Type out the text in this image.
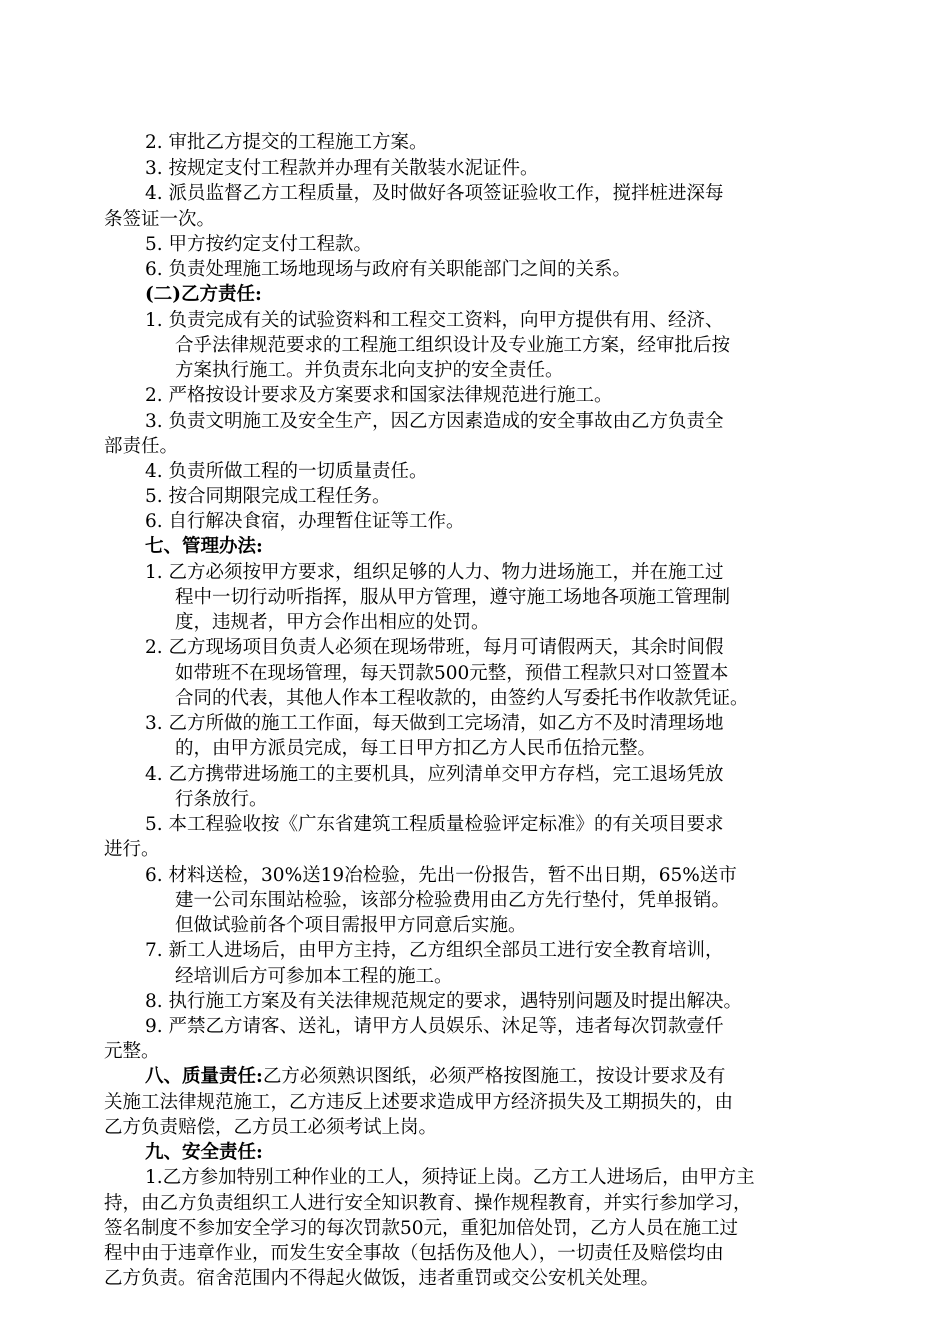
2. 审批乙方提交的工程施工方案。
3. 按规定支付工程款并办理有关散装水泥证件。
4. 派员监督乙方工程质量，及时做好各项签证验收工作，搅拌桩进深每
条签证一次。
5. 甲方按约定支付工程款。
6. 负责处理施工场地现场与政府有关职能部门之间的关系。
(二)乙方责任:
1. 负责完成有关的试验资料和工程交工资料，向甲方提供有用、经济、
合乎法律规范要求的工程施工组织设计及专业施工方案，经审批后按
方案执行施工。并负责东北向支护的安全责任。
2. 严格按设计要求及方案要求和国家法律规范进行施工。
3. 负责文明施工及安全生产，因乙方因素造成的安全事故由乙方负责全
部责任。
4. 负责所做工程的一切质量责任。
5. 按合同期限完成工程任务。
6. 自行解决食宿，办理暂住证等工作。
七、管理办法:
1. 乙方必须按甲方要求，组织足够的人力、物力进场施工，并在施工过
程中一切行动听指挥，服从甲方管理，遵守施工场地各项施工管理制
度，违规者，甲方会作出相应的处罚。
2. 乙方现场项目负责人必须在现场带班，每月可请假两天，其余时间假
如带班不在现场管理，每天罚款500元整，预借工程款只对口签置本
合同的代表，其他人作本工程收款的，由签约人写委托书作收款凭证。
3. 乙方所做的施工工作面，每天做到工完场清，如乙方不及时清理场地
的，由甲方派员完成，每工日甲方扣乙方人民币伍拾元整。
4. 乙方携带进场施工的主要机具，应列清单交甲方存档，完工退场凭放
行条放行。
5. 本工程验收按《广东省建筑工程质量检验评定标准》的有关项目要求
进行。
6. 材料送检，30%送19冶检验，先出一份报告，暂不出日期，65%送市
建一公司东围站检验，该部分检验费用由乙方先行垫付，凭单报销。
但做试验前各个项目需报甲方同意后实施。
7. 新工人进场后，由甲方主持，乙方组织全部员工进行安全教育培训，
经培训后方可参加本工程的施工。
8. 执行施工方案及有关法律规范规定的要求，遇特别问题及时提出解决。
9. 严禁乙方请客、送礼，请甲方人员娱乐、沐足等，违者每次罚款壹仟
元整。
八、质量责任:乙方必须熟识图纸，必须严格按图施工，按设计要求及有
关施工法律规范施工，乙方违反上述要求造成甲方经济损失及工期损失的，由
乙方负责赔偿，乙方员工必须考试上岗。
九、安全责任:
1.乙方参加特别工种作业的工人，须持证上岗。乙方工人进场后，由甲方主
持，由乙方负责组织工人进行安全知识教育、操作规程教育，并实行参加学习，
签名制度不参加安全学习的每次罚款50元，重犯加倍处罚，乙方人员在施工过
程中由于违章作业，而发生安全事故（包括伤及他人），一切责任及赔偿均由
乙方负责。宿舍范围内不得起火做饭，违者重罚或交公安机关处理。
